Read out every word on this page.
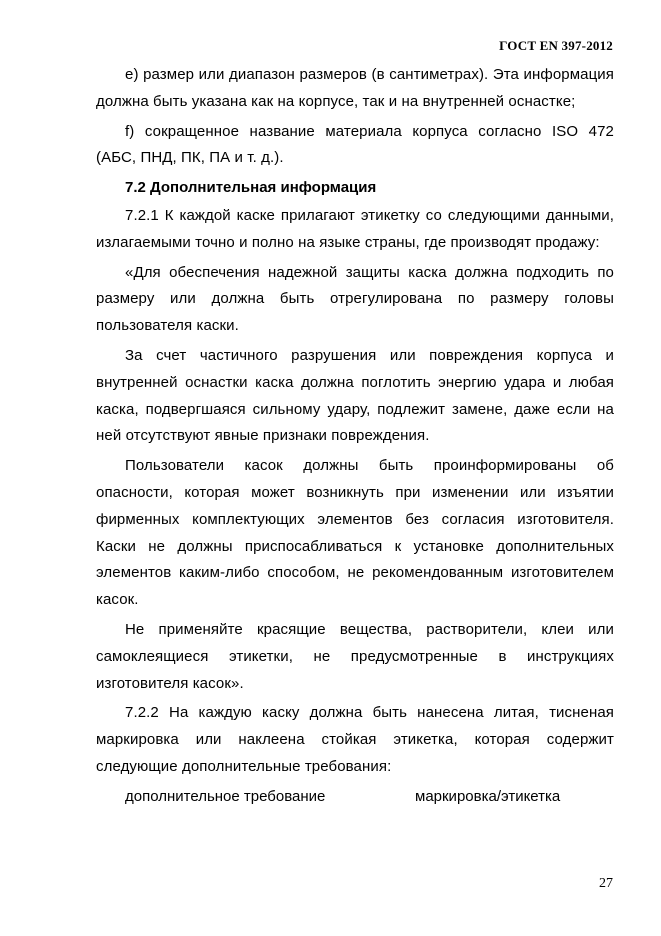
ГОСТ EN 397-2012

е) размер или диапазон размеров (в сантиметрах). Эта информация должна быть указана как на корпусе, так и на внутренней оснастке;

f) сокращенное название материала корпуса согласно ISO 472 (АБС, ПНД, ПК, ПА и т. д.).

7.2 Дополнительная информация

7.2.1 К каждой каске прилагают этикетку со следующими данными, излагаемыми точно и полно на языке страны, где производят продажу:

«Для обеспечения надежной защиты каска должна подходить по размеру или должна быть отрегулирована по размеру головы пользователя каски.

За счет частичного разрушения или повреждения корпуса и внутренней оснастки каска должна поглотить энергию удара и любая каска, подвергшаяся сильному удару, подлежит замене, даже если на ней отсутствуют явные признаки повреждения.

Пользователи касок должны быть проинформированы об опасности, которая может возникнуть при изменении или изъятии фирменных комплектующих элементов без согласия изготовителя. Каски не должны приспосабливаться к установке дополнительных элементов каким-либо способом, не рекомендованным изготовителем касок.

Не применяйте красящие вещества, растворители, клеи или самоклеящиеся этикетки, не предусмотренные в инструкциях изготовителя касок».

7.2.2 На каждую каску должна быть нанесена литая, тисненая маркировка или наклеена стойкая этикетка, которая содержит следующие дополнительные требования:

дополнительное требование	маркировка/этикетка
27
